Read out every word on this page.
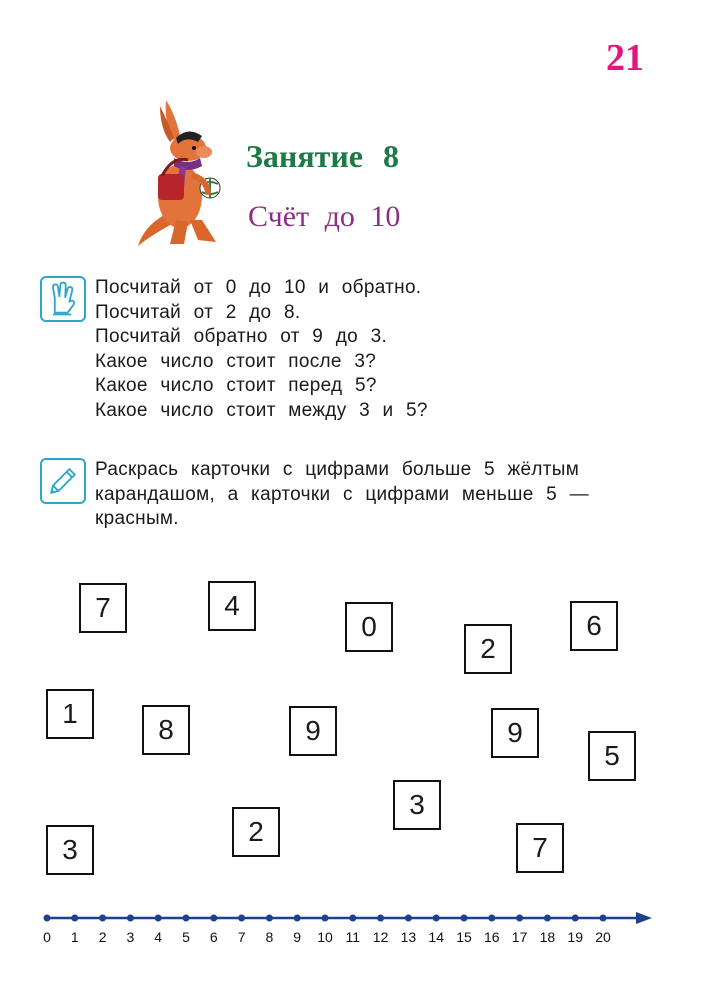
21
Занятие 8
Счёт до 10
Посчитай от 0 до 10 и обратно.
Посчитай от 2 до 8.
Посчитай обратно от 9 до 3.
Какое число стоит после 3?
Какое число стоит перед 5?
Какое число стоит между 3 и 5?
Раскрась карточки с цифрами больше 5 жёлтым
карандашом, а карточки с цифрами меньше 5 —
красным.
7	4
0
2
6
1
8	9	9
5
3
3
2
7
0 1 2 3 4 5 6 7 8 9 10 11 12 13 14 15 16 17 18 19 20
